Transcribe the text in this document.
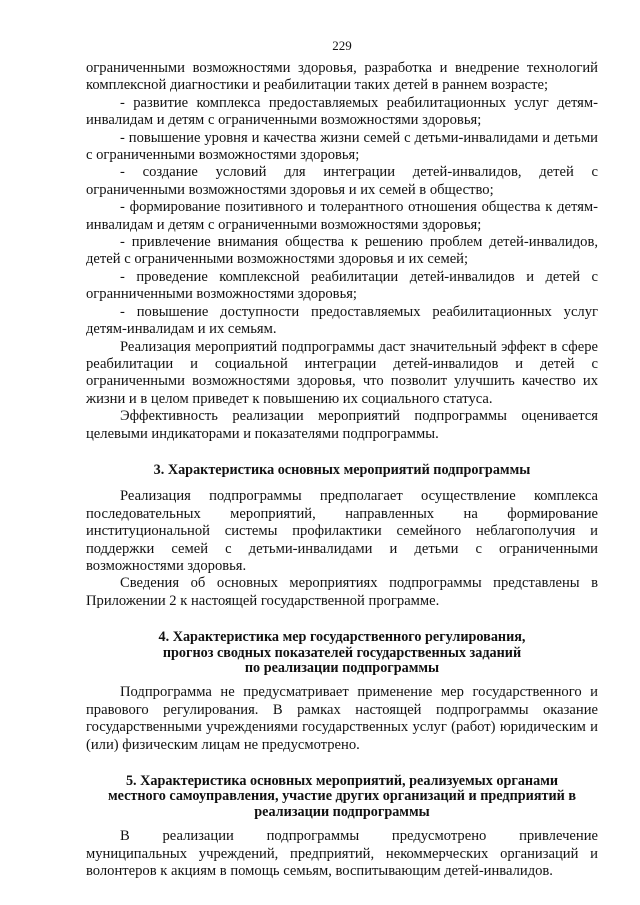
229

ограниченными возможностями здоровья, разработка и внедрение технологий комплексной диагностики и реабилитации таких детей в раннем возрасте;

- развитие комплекса предоставляемых реабилитационных услуг детям-инвалидам и детям с ограниченными возможностями здоровья;

- повышение уровня и качества жизни семей с детьми-инвалидами и детьми с ограниченными возможностями здоровья;

- создание условий для интеграции детей-инвалидов, детей с ограниченными возможностями здоровья и их семей в общество;

- формирование позитивного и толерантного отношения общества к детям-инвалидам и детям с ограниченными возможностями здоровья;

- привлечение внимания общества к решению проблем детей-инвалидов, детей с ограниченными возможностями здоровья и их семей;

- проведение комплексной реабилитации детей-инвалидов и детей с огранниченными возможностями здоровья;

- повышение доступности предоставляемых реабилитационных услуг детям-инвалидам и их семьям.

Реализация мероприятий подпрограммы даст значительный эффект в сфере реабилитации и социальной интеграции детей-инвалидов и детей с ограниченными возможностями здоровья, что позволит улучшить качество их жизни и в целом приведет к повышению их социального статуса.

Эффективность реализации мероприятий подпрограммы оценивается целевыми индикаторами и показателями подпрограммы.

3. Характеристика основных мероприятий подпрограммы

Реализация подпрограммы предполагает осуществление комплекса последовательных мероприятий, направленных на формирование институциональной системы профилактики семейного неблагополучия и поддержки семей с детьми-инвалидами и детьми с ограниченными возможностями здоровья.

Сведения об основных мероприятиях подпрограммы представлены в Приложении 2 к настоящей государственной программе.

4. Характеристика мер государственного регулирования,
прогноз сводных показателей государственных заданий
по реализации подпрограммы

Подпрограмма не предусматривает применение мер государственного и правового регулирования. В рамках настоящей подпрограммы оказание государственными учреждениями государственных услуг (работ) юридическим и (или) физическим лицам не предусмотрено.

5. Характеристика основных мероприятий, реализуемых органами
местного самоуправления, участие других организаций и предприятий в
реализации подпрограммы

В реализации подпрограммы предусмотрено привлечение

муниципальных учреждений, предприятий, некоммерческих организаций и волонтеров к акциям в помощь семьям, воспитывающим детей-инвалидов.
